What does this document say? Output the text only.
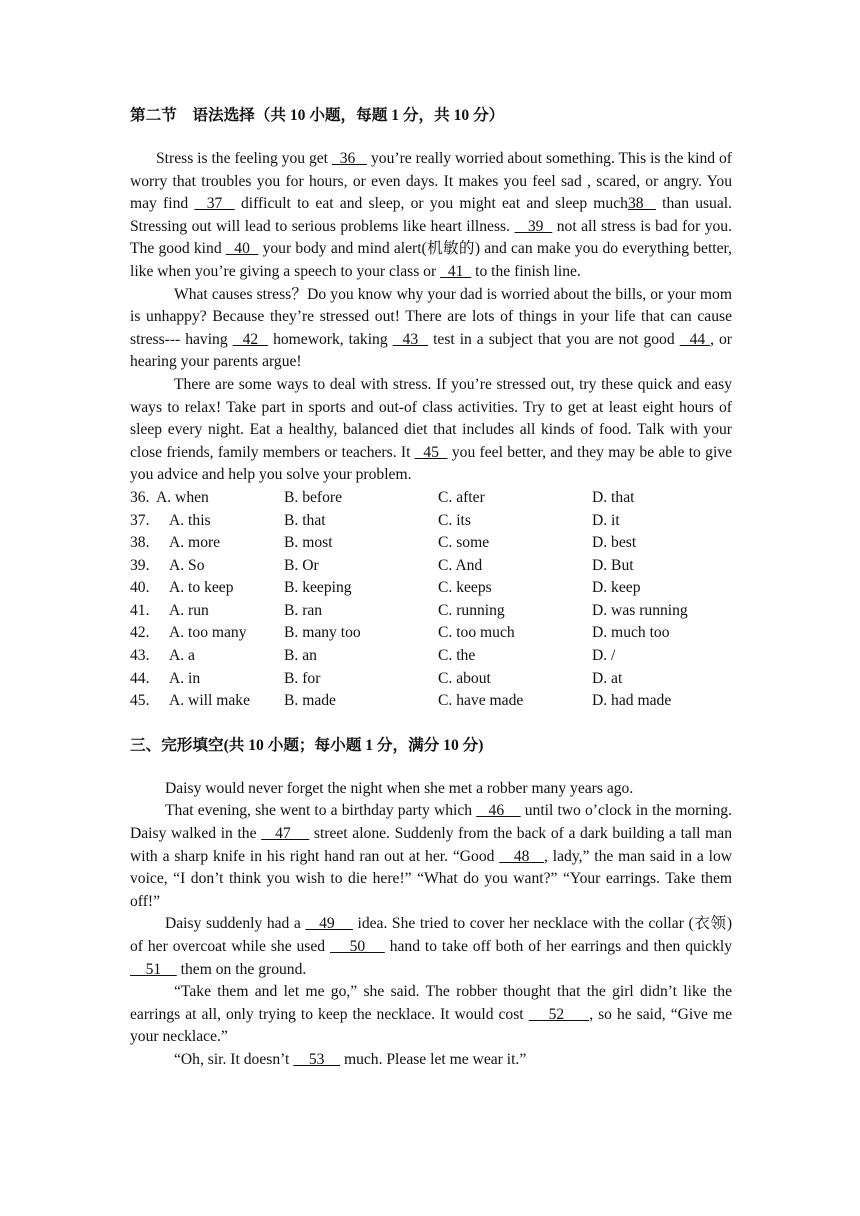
第二节　语法选择（共 10 小题，每题 1 分，共 10 分）

Stress is the feeling you get   36    you’re really worried about something. This is the kind of worry that troubles you for hours, or even days. It makes you feel sad , scared, or angry. You may find   37   difficult to eat and sleep, or you might eat and sleep much38   than usual. Stressing out will lead to serious problems like heart illness.    39   not all stress is bad for you. The good kind   40   your body and mind alert(机敏的) and can make you do everything better, like when you’re giving a speech to your class or   41   to the finish line.

What causes stress？Do you know why your dad is worried about the bills, or your mom is unhappy? Because they’re stressed out! There are lots of things in your life that can cause stress--- having   42   homework, taking   43   test in a subject that you are not good   44 , or hearing your parents argue!

There are some ways to deal with stress. If you’re stressed out, try these quick and easy ways to relax! Take part in sports and out-of class activities. Try to get at least eight hours of sleep every night. Eat a healthy, balanced diet that includes all kinds of food. Talk with your close friends, family members or teachers. It   45   you feel better, and they may be able to give you advice and help you solve your problem.

36. A. when	B. before	C. after	D. that
37.	A. this	B. that	C. its	D. it
38.	A. more	B. most	C. some	D. best
39.	A. So	B. Or	C. And	D. But
40.	A. to keep	B. keeping	C. keeps	D. keep
41.	A. run	B. ran	C. running	D. was running
42.	A. too many B. many too	C. too much	D. much too
43.	A. a	B. an	C. the	D. /
44.	A. in	B. for	C. about	D. at
45.	A. will make B. made	C. have made	D. had made
三、完形填空(共 10 小题；每小题 1 分，满分 10 分)

Daisy would never forget the night when she met a robber many years ago.

That evening, she went to a birthday party which    46     until two o’clock in the morning. Daisy walked in the    47     street alone. Suddenly from the back of a dark building a tall man with a sharp knife in his right hand ran out at her. “Good    48   , lady,” the man said in a low voice, “I don’t think you wish to die here!” “What do you want?” “Your earrings. Take them off!”

Daisy suddenly had a    49     idea. She tried to cover her necklace with the collar (衣领) of her overcoat while she used     50     hand to take off both of her earrings and then quickly     51     them on the ground.

“Take them and let me go,” she said. The robber thought that the girl didn’t like the earrings at all, only trying to keep the necklace. It would cost     52     , so he said, “Give me your necklace.”

“Oh, sir. It doesn’t     53     much. Please let me wear it.”
